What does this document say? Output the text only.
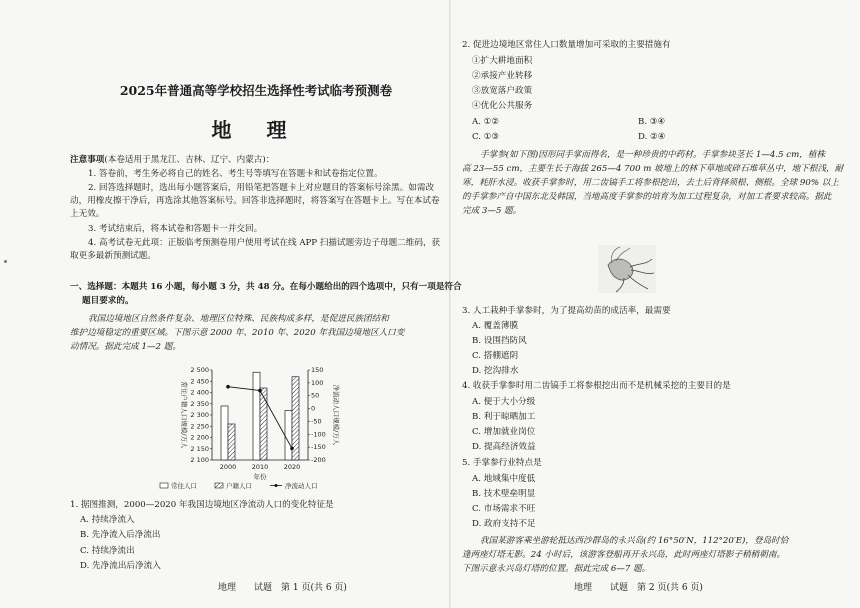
2025年普通高等学校招生选择性考试临考预测卷
地 理
注意事项(本卷适用于黑龙江、吉林、辽宁、内蒙古)：
1. 答卷前，考生务必将自己的姓名、考生号等填写在答题卡和试卷指定位置。
2. 回答选择题时，选出每小题答案后，用铅笔把答题卡上对应题目的答案标号涂黑。如需改
动，用橡皮擦干净后，再选涂其他答案标号。回答非选择题时，将答案写在答题卡上。写在本试卷
上无效。
3. 考试结束后，将本试卷和答题卡一并交回。
4. 高考试卷无此项：正版临考预测卷用户使用考试在线 APP 扫描试题旁边子母题二维码，获
取更多最新预测试题。
一、选择题：本题共 16 小题，每小题 3 分，共 48 分。在每小题给出的四个选项中，只有一项是符合
题目要求的。
我国边境地区自然条件复杂、地理区位特殊、民族构成多样，是促进民族团结和
维护边境稳定的重要区域。下图示意 2000 年、2010 年、2020 年我国边境地区人口变
动情况。据此完成 1—2 题。
1. 据图推测，2000—2020 年我国边境地区净流动人口的变化特征是
A. 持续净流入
B. 先净流入后净流出
C. 持续净流出
D. 先净流出后净流入
地理　　试题　第 1 页(共 6 页)
2 500
2 450
2 400
2 350
2 300
2 250
2 200
2 150
2 100
150
100
50
0
-50
-100
-150
-200
2000 2010 2020
年份
常住户籍人口规模/万人	净流动人口规模/万人
常住人口	户籍人口	净流动人口
2. 促进边境地区常住人口数量增加可采取的主要措施有
①扩大耕地面积
②承接产业转移
③放宽落户政策
④优化公共服务
A. ①②	B. ③④
C. ①③	D. ②④
手掌参(如下图)因形同手掌而得名，是一种珍贵的中药材。手掌参块茎长 1—4.5 cm，植株
高 23—55 cm，主要生长于海拔 265—4 700 m 坡地上的林下草地或碎石堆草丛中，地下根浅，耐
寒，耗肝水浸。收获手掌参时，用二齿镐手工将参根挖出，去土后背择须根、侧根。全球 90% 以上
的手掌参产自中国东北及韩国，当地高度手掌参的培育为加工过程复杂，对加工者要求较高。据此
完成 3—5 题。
3. 人工栽种手掌参时，为了提高幼苗的成活率，最需要
A. 覆盖薄膜
B. 设围挡防风
C. 搭棚遮阴
D. 挖沟排水
4. 收获手掌参时用二齿镐手工将参根挖出而不是机械采挖的主要目的是
A. 便于大小分级
B. 利于晾晒加工
C. 增加就业岗位
D. 提高经济效益
5. 手掌参行业特点是
A. 地域集中度低
B. 技术壁垒明显
C. 市场需求不旺
D. 政府支持不足
我国某游客乘坐游轮抵达西沙群岛的永兴岛(约 16°50′N，112°20′E)，登岛时恰
逢两座灯塔无影。24 小时后，该游客登船再开永兴岛，此时两座灯塔影子稍稍朝南。
下图示意永兴岛灯塔的位置。据此完成 6—7 题。
地理　　试题　第 2 页(共 6 页)
